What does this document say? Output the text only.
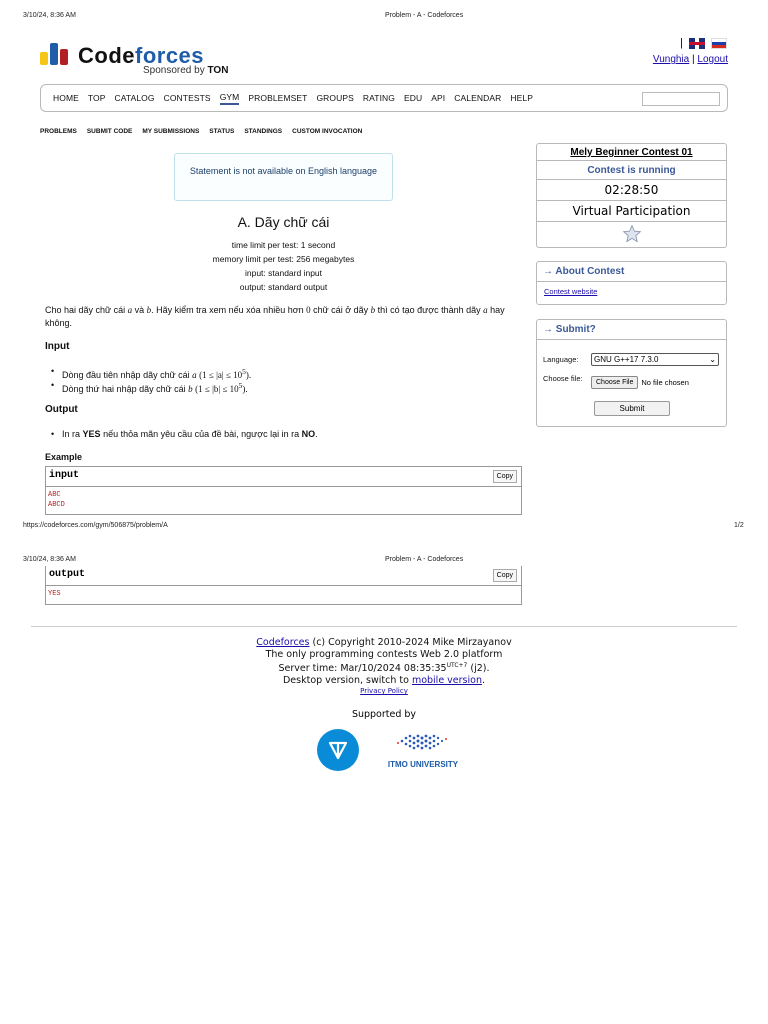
3/10/24, 8:36 AM	Problem - A - Codeforces
Codeforces
Sponsored by TON
|
Vunghia | Logout
HOME TOP CATALOG CONTESTS GYM PROBLEMSET GROUPS RATING EDU API CALENDAR HELP
PROBLEMS SUBMIT CODE MY SUBMISSIONS STATUS STANDINGS CUSTOM INVOCATION
Statement is not available on English language
A. Dãy chữ cái
time limit per test: 1 second
memory limit per test: 256 megabytes
input: standard input
output: standard output
Cho hai dãy chữ cái a và b. Hãy kiểm tra xem nếu xóa nhiều hơn 0 chữ cái ở dãy b thì có tạo được thành dãy a hay không.
Input
• Dòng đầu tiên nhập dãy chữ cái a $(1 \le |a| \le 10^5)$.
• Dòng thứ hai nhập dãy chữ cái b $(1 \le |b| \le 10^5)$.
Output
• In ra YES nếu thỏa mãn yêu cầu của đề bài, ngược lại in ra NO.
Example
input	Copy
ABC
ABCD
https://codeforces.com/gym/506875/problem/A	1/2
3/10/24, 8:36 AM	Problem - A - Codeforces
output	Copy
YES
Mely Beginner Contest 01
Contest is running
02:28:50
Virtual Participation
→ About Contest
Contest website
→ Submit?
Language:	GNU G++17 7.3.0	⌄
Choose file:	Choose File	No file chosen
Submit
Codeforces (c) Copyright 2010-2024 Mike Mirzayanov
The only programming contests Web 2.0 platform
Server time: Mar/10/2024 $08:35:35^{UTC+7}$ (j2).
Desktop version, switch to mobile version.
Privacy Policy
Supported by
ITMO UNIVERSITY
